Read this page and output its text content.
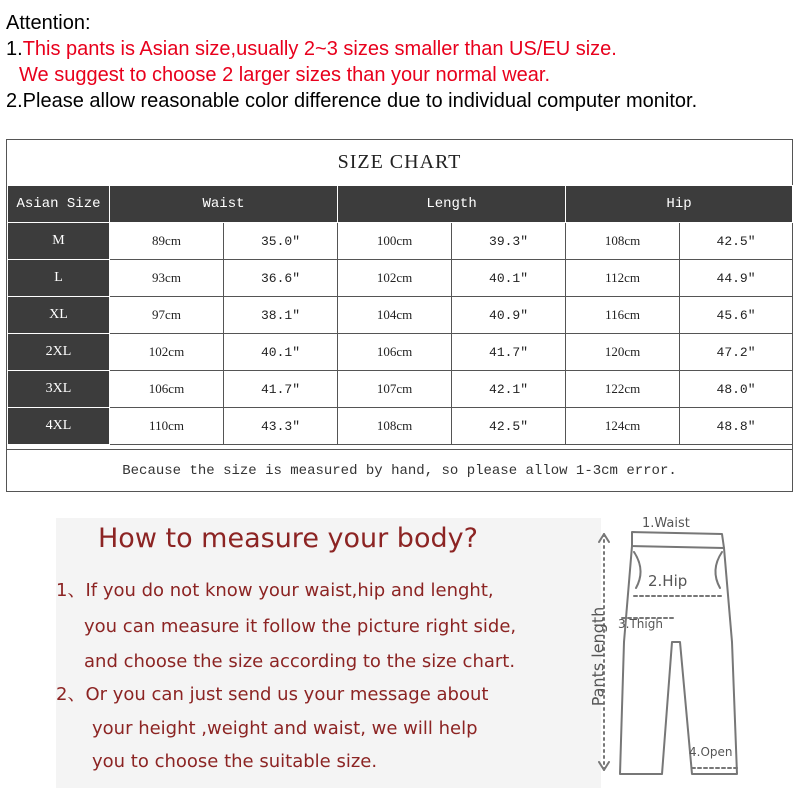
Attention:
1.This pants is Asian size,usually 2~3 sizes smaller than US/EU size.
We suggest to choose 2 larger sizes than your normal wear.
2.Please allow reasonable color difference due to individual computer monitor.
SIZE CHART
Asian Size	Waist		Length		Hip	
M	89cm	35.0″	100cm	39.3″	108cm	42.5″
L	93cm	36.6″	102cm	40.1″	112cm	44.9″
XL	97cm	38.1″	104cm	40.9″	116cm	45.6″
2XL	102cm	40.1″	106cm	41.7″	120cm	47.2″
3XL	106cm	41.7″	107cm	42.1″	122cm	48.0″
4XL	110cm	43.3″	108cm	42.5″	124cm	48.8″
Because the size is measured by hand, so please allow 1-3cm error.
How to measure your body?
1、If you do not know your waist,hip and lenght,
you can measure it follow the picture right side,
and choose the size according to the size chart.
2、Or you can just send us your message about
your height ,weight and waist, we will help
you to choose the suitable size.
1.Waist
2.Hip
3.Thigh
4.Open
Pants length
